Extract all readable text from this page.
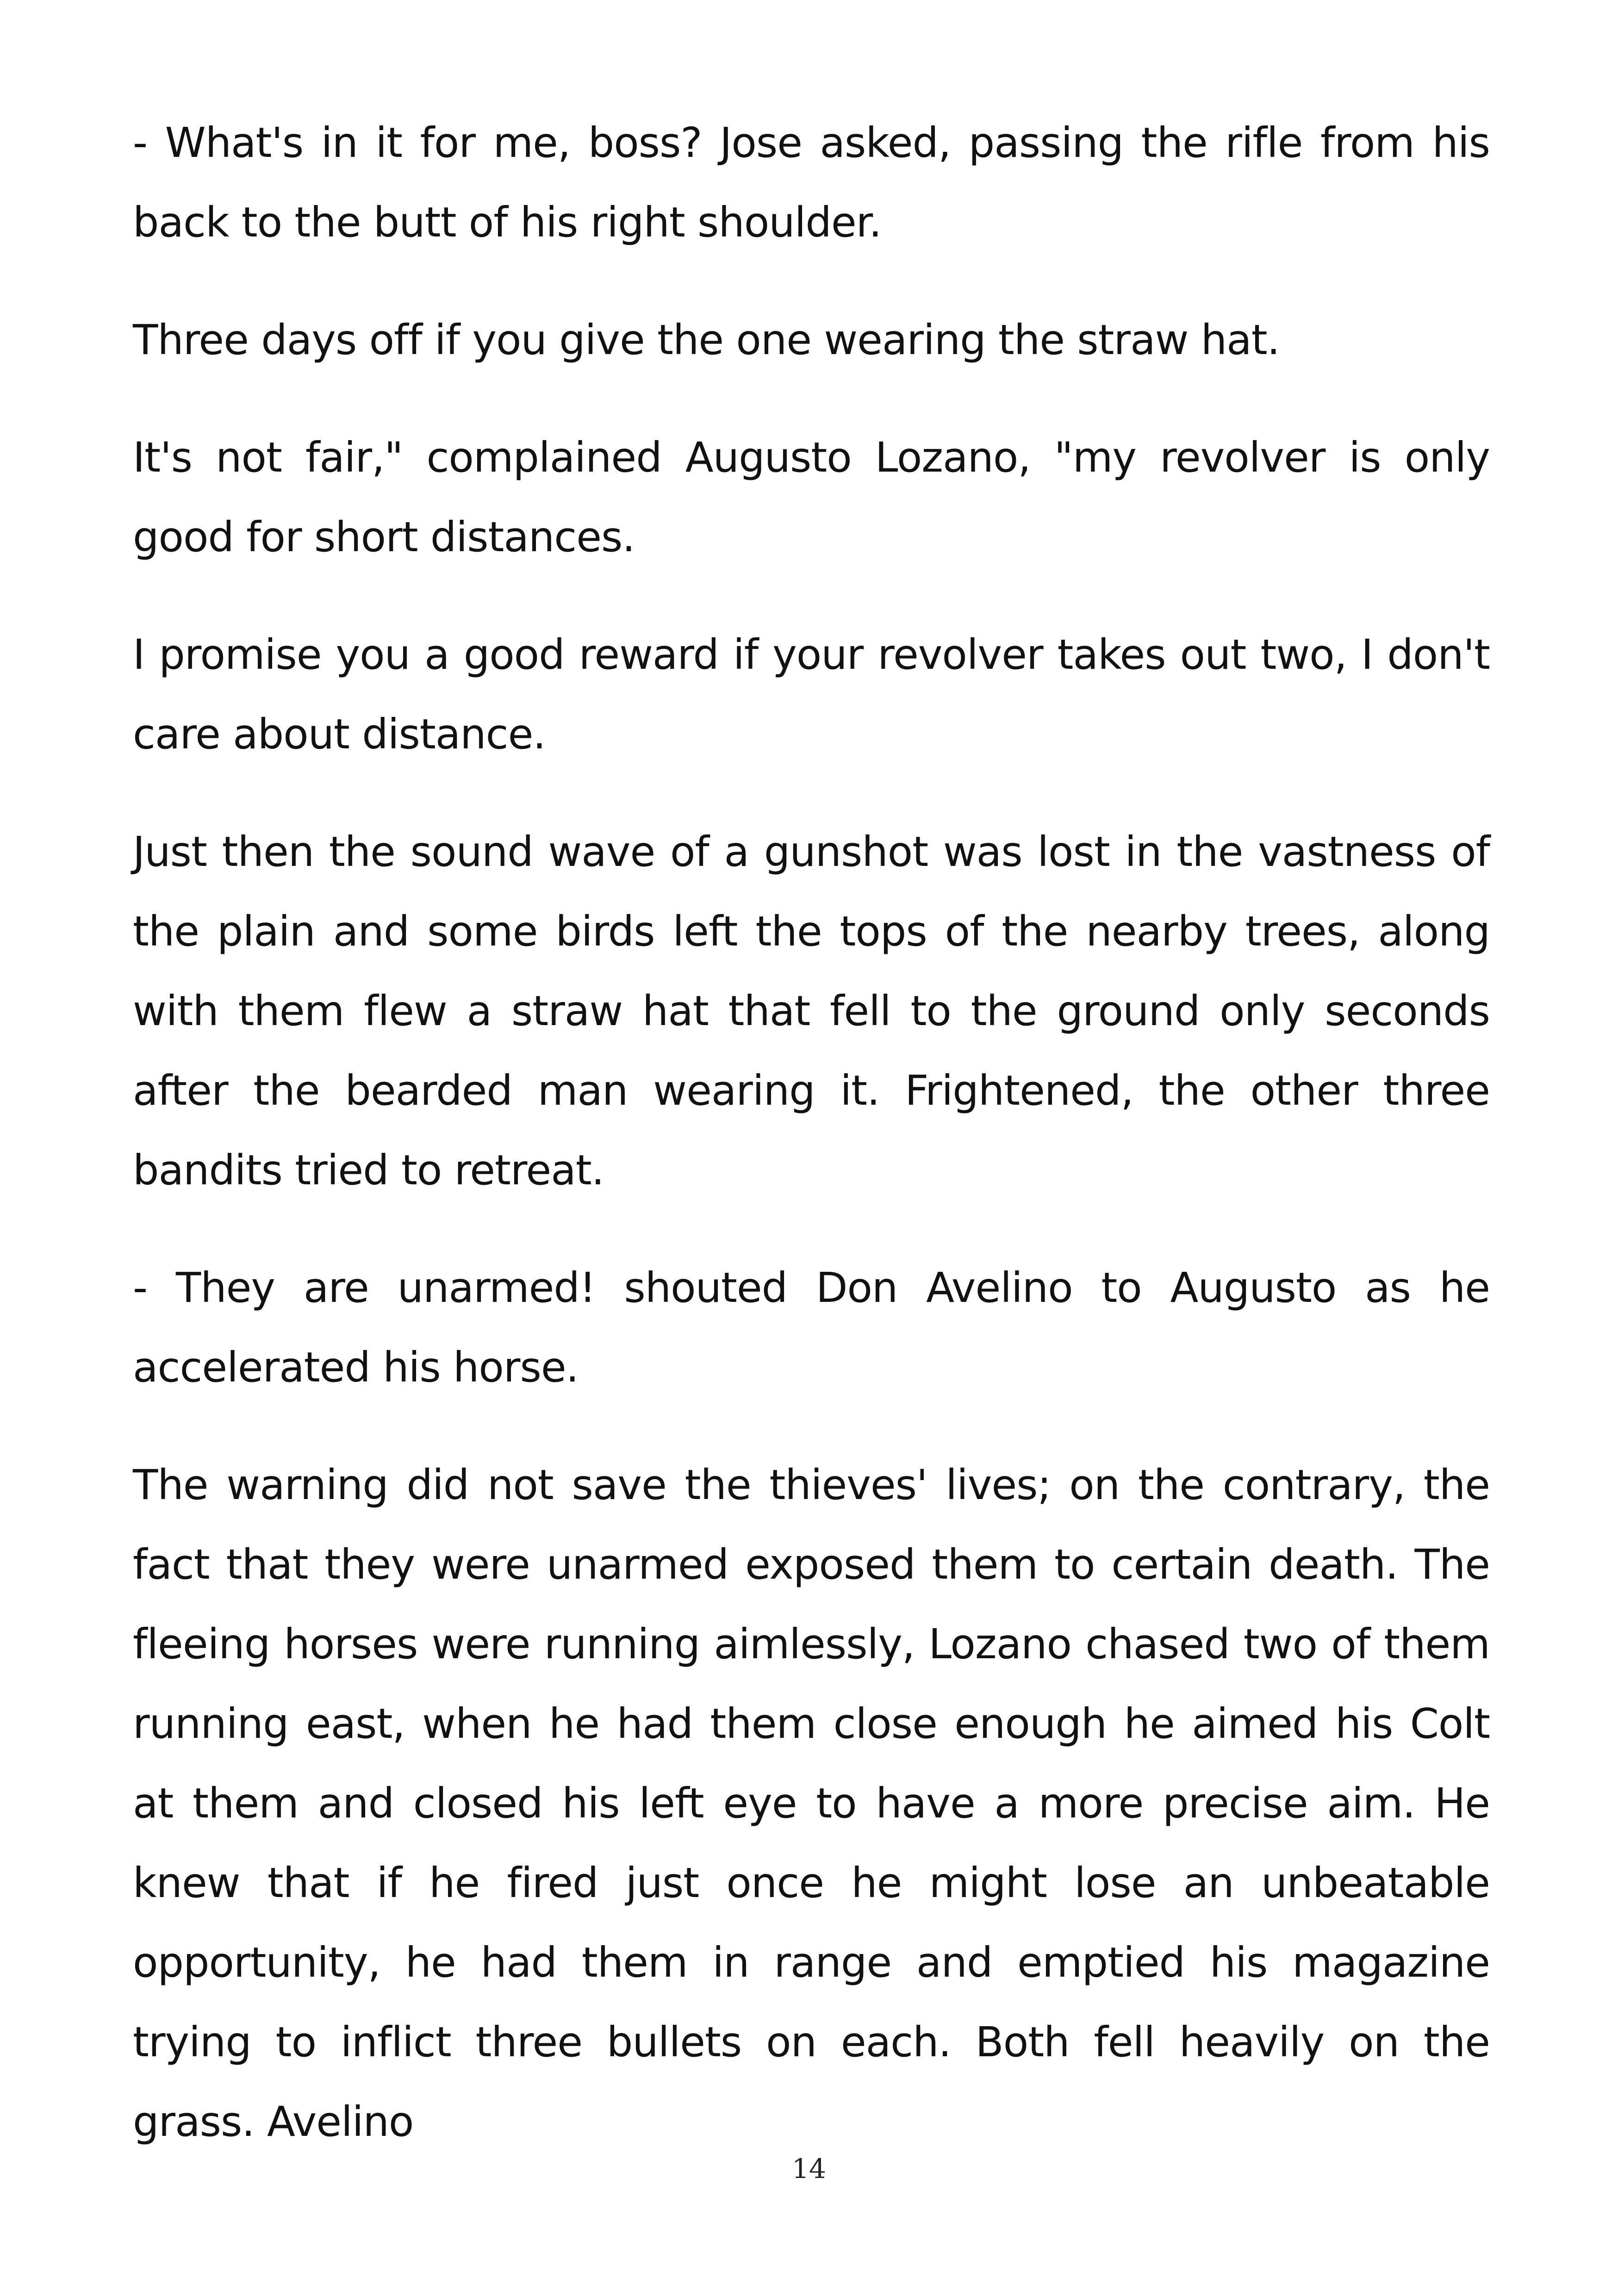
- What's in it for me, boss? Jose asked, passing the rifle from his back to the butt of his right shoulder.

Three days off if you give the one wearing the straw hat.

It's not fair," complained Augusto Lozano, "my revolver is only good for short distances.

I promise you a good reward if your revolver takes out two, I don't care about distance.

Just then the sound wave of a gunshot was lost in the vastness of the plain and some birds left the tops of the nearby trees, along with them flew a straw hat that fell to the ground only seconds after the bearded man wearing it. Frightened, the other three bandits tried to retreat.

- They are unarmed! shouted Don Avelino to Augusto as he accelerated his horse.

The warning did not save the thieves' lives; on the contrary, the fact that they were unarmed exposed them to certain death. The fleeing horses were running aimlessly, Lozano chased two of them running east, when he had them close enough he aimed his Colt at them and closed his left eye to have a more precise aim. He knew that if he fired just once he might lose an unbeatable opportunity, he had them in range and emptied his magazine trying to inflict three bullets on each. Both fell heavily on the grass. Avelino

14
